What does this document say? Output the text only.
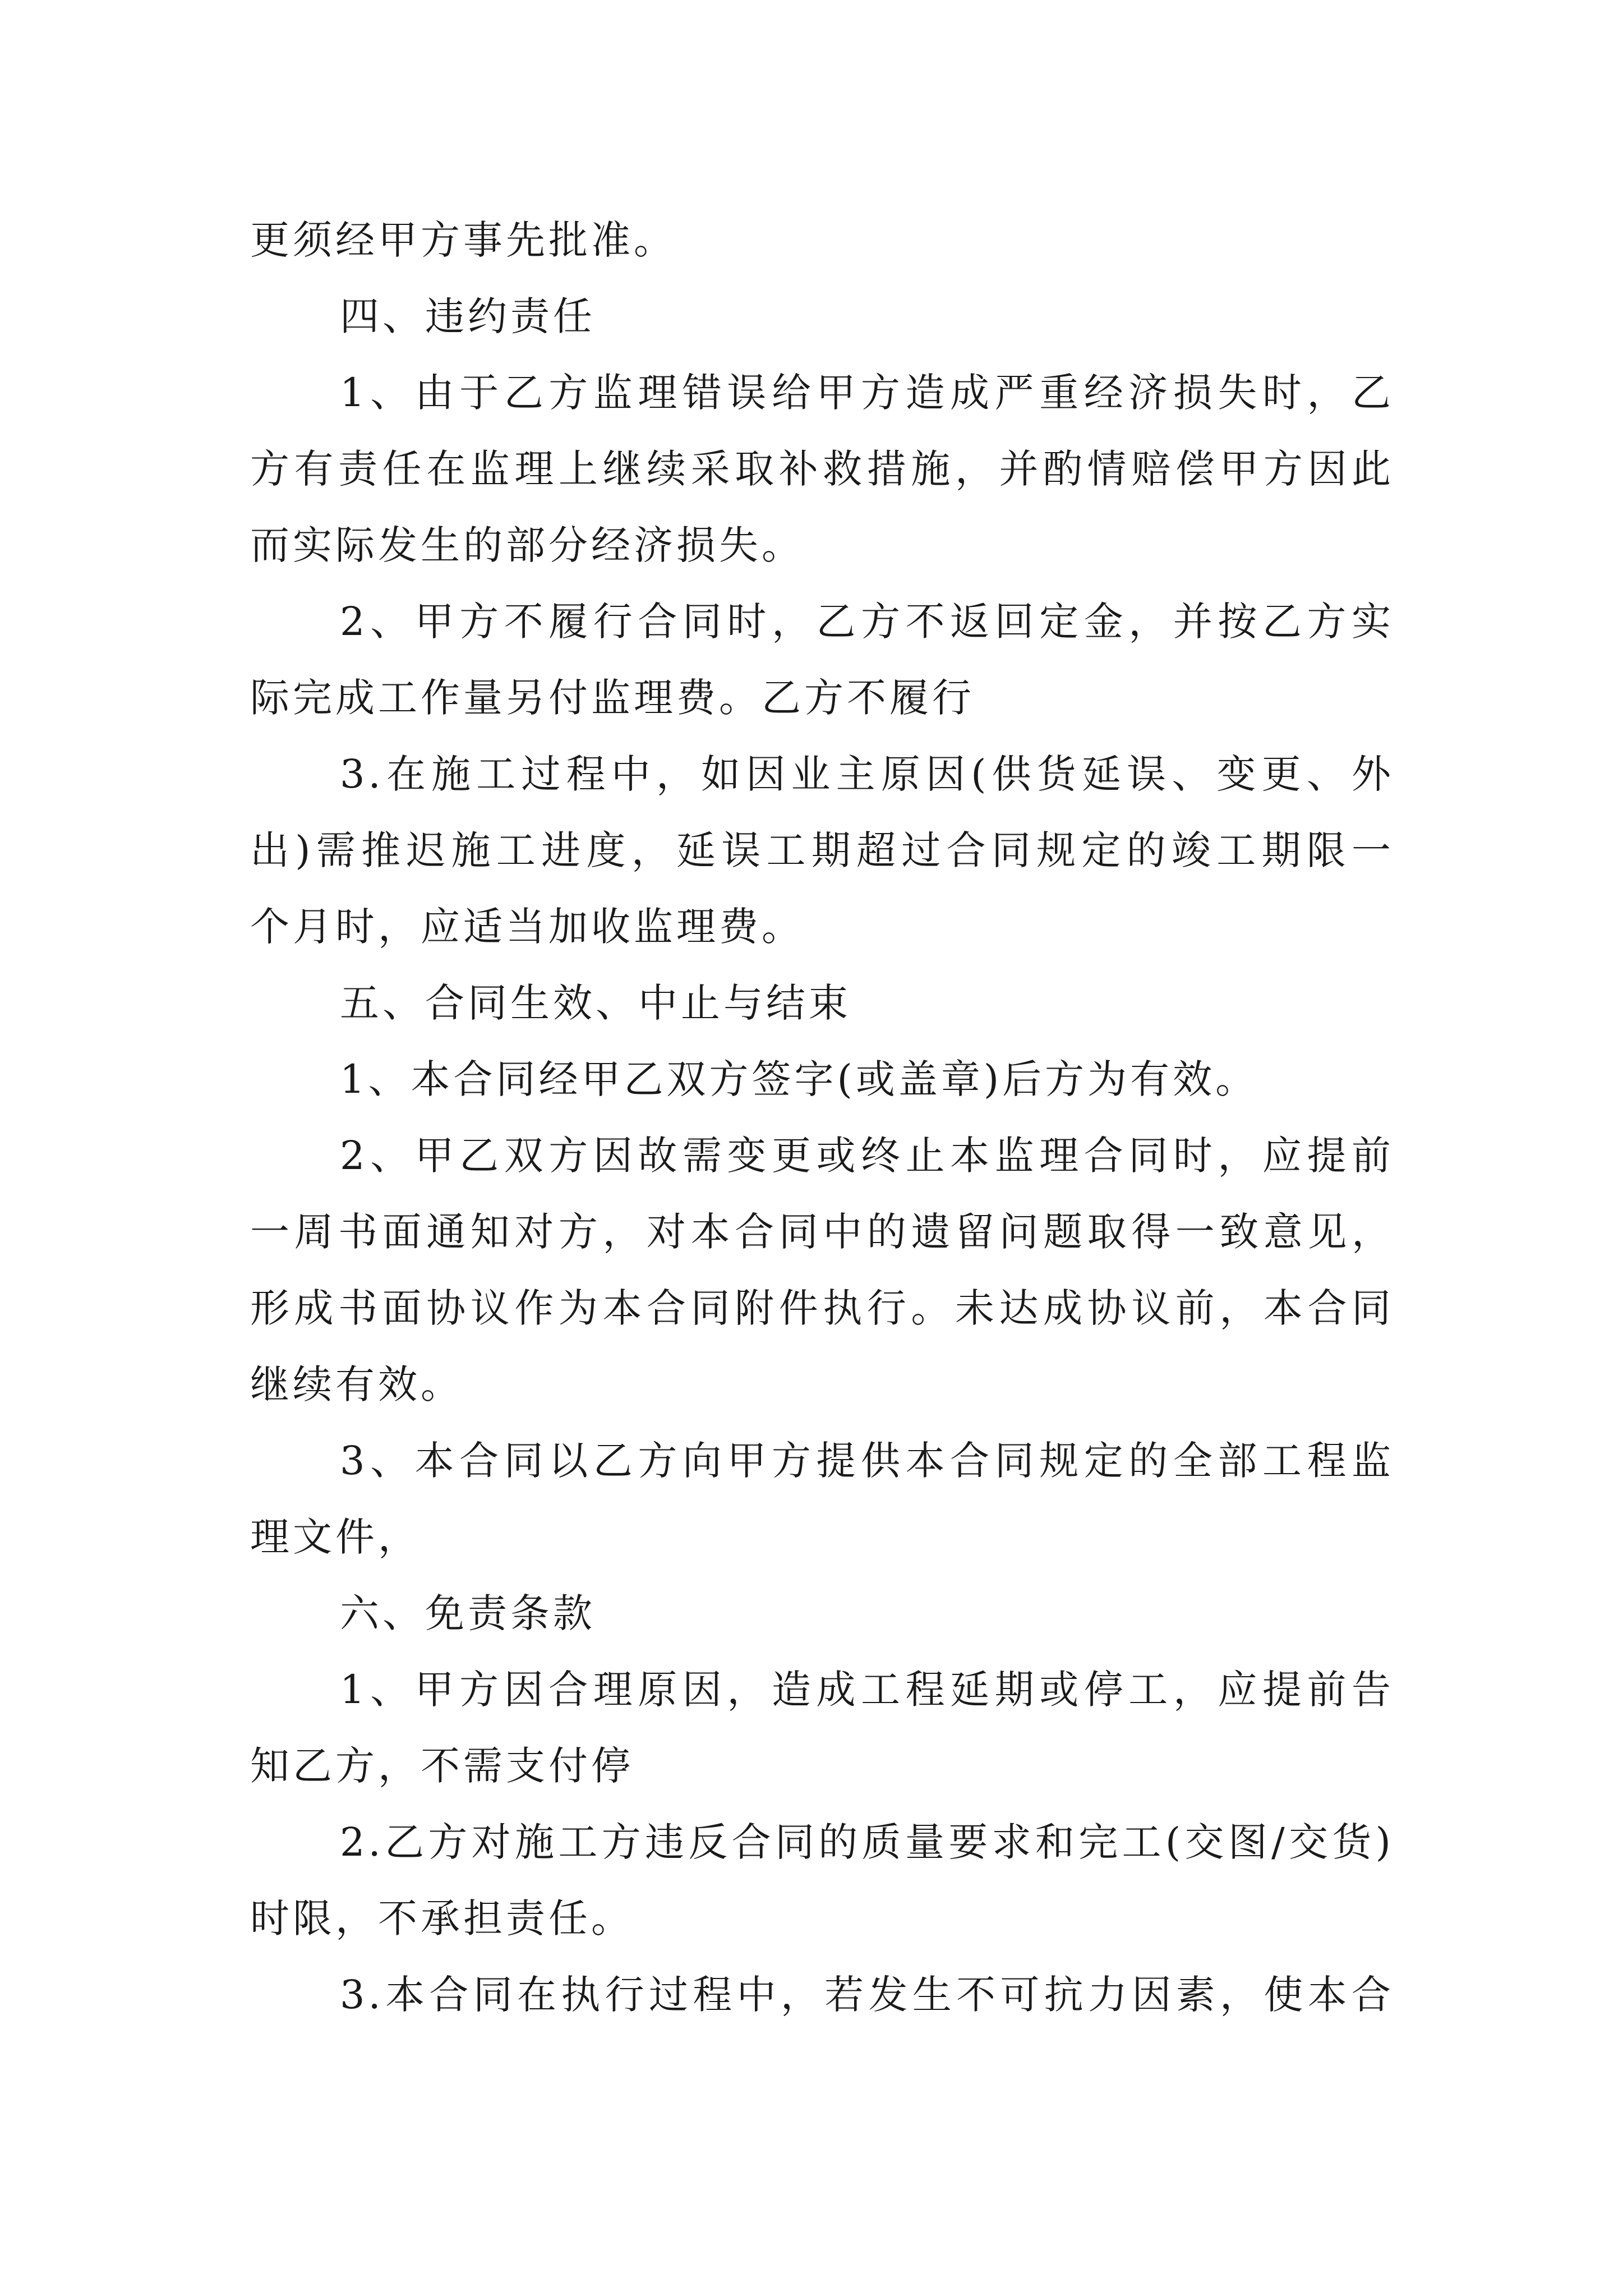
更须经甲方事先批准。
四、违约责任
1、由于乙方监理错误给甲方造成严重经济损失时，乙
方有责任在监理上继续采取补救措施，并酌情赔偿甲方因此
而实际发生的部分经济损失。
2、甲方不履行合同时，乙方不返回定金，并按乙方实
际完成工作量另付监理费。乙方不履行
3.在施工过程中，如因业主原因(供货延误、变更、外
出)需推迟施工进度，延误工期超过合同规定的竣工期限一
个月时，应适当加收监理费。
五、合同生效、中止与结束
1、本合同经甲乙双方签字(或盖章)后方为有效。
2、甲乙双方因故需变更或终止本监理合同时，应提前
一周书面通知对方，对本合同中的遗留问题取得一致意见，
形成书面协议作为本合同附件执行。未达成协议前，本合同
继续有效。
3、本合同以乙方向甲方提供本合同规定的全部工程监
理文件，
六、免责条款
1、甲方因合理原因，造成工程延期或停工，应提前告
知乙方，不需支付停
2.乙方对施工方违反合同的质量要求和完工(交图/交货)
时限，不承担责任。
3.本合同在执行过程中，若发生不可抗力因素，使本合
